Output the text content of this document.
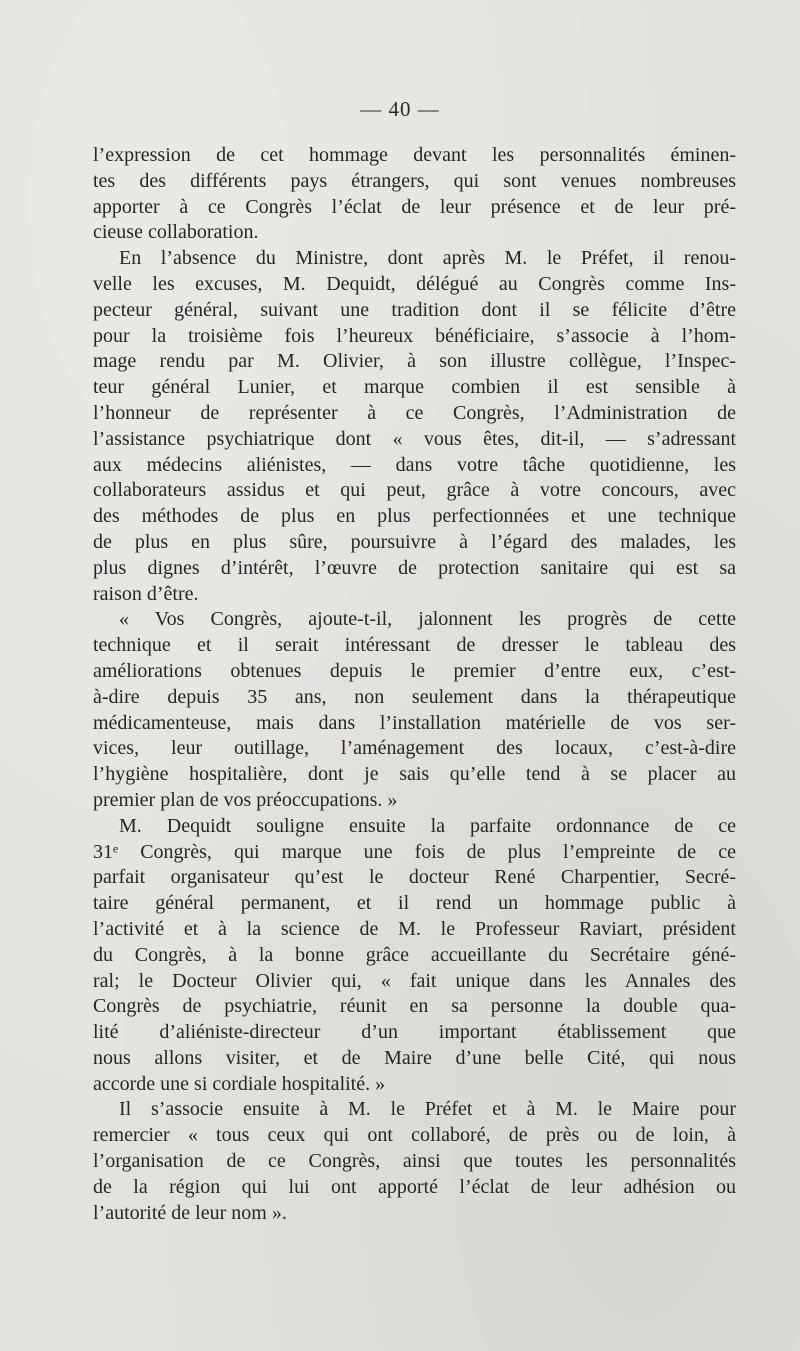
— 40 —
l’expression de cet hommage devant les personnalités éminen-
tes des différents pays étrangers, qui sont venues nombreuses
apporter à ce Congrès l’éclat de leur présence et de leur pré-
cieuse collaboration.
En l’absence du Ministre, dont après M. le Préfet, il renou-
velle les excuses, M. Dequidt, délégué au Congrès comme Ins-
pecteur général, suivant une tradition dont il se félicite d’être
pour la troisième fois l’heureux bénéficiaire, s’associe à l’hom-
mage rendu par M. Olivier, à son illustre collègue, l’Inspec-
teur général Lunier, et marque combien il est sensible à
l’honneur de représenter à ce Congrès, l’Administration de
l’assistance psychiatrique dont « vous êtes, dit-il, — s’adressant
aux médecins aliénistes, — dans votre tâche quotidienne, les
collaborateurs assidus et qui peut, grâce à votre concours, avec
des méthodes de plus en plus perfectionnées et une technique
de plus en plus sûre, poursuivre à l’égard des malades, les
plus dignes d’intérêt, l’œuvre de protection sanitaire qui est sa
raison d’être.
« Vos Congrès, ajoute-t-il, jalonnent les progrès de cette
technique et il serait intéressant de dresser le tableau des
améliorations obtenues depuis le premier d’entre eux, c’est-
à-dire depuis 35 ans, non seulement dans la thérapeutique
médicamenteuse, mais dans l’installation matérielle de vos ser-
vices, leur outillage, l’aménagement des locaux, c’est-à-dire
l’hygiène hospitalière, dont je sais qu’elle tend à se placer au
premier plan de vos préoccupations. »
M. Dequidt souligne ensuite la parfaite ordonnance de ce
31ᵉ Congrès, qui marque une fois de plus l’empreinte de ce
parfait organisateur qu’est le docteur René Charpentier, Secré-
taire général permanent, et il rend un hommage public à
l’activité et à la science de M. le Professeur Raviart, président
du Congrès, à la bonne grâce accueillante du Secrétaire géné-
ral; le Docteur Olivier qui, « fait unique dans les Annales des
Congrès de psychiatrie, réunit en sa personne la double qua-
lité d’aliéniste-directeur d’un important établissement que
nous allons visiter, et de Maire d’une belle Cité, qui nous
accorde une si cordiale hospitalité. »
Il s’associe ensuite à M. le Préfet et à M. le Maire pour
remercier « tous ceux qui ont collaboré, de près ou de loin, à
l’organisation de ce Congrès, ainsi que toutes les personnalités
de la région qui lui ont apporté l’éclat de leur adhésion ou
l’autorité de leur nom ».
